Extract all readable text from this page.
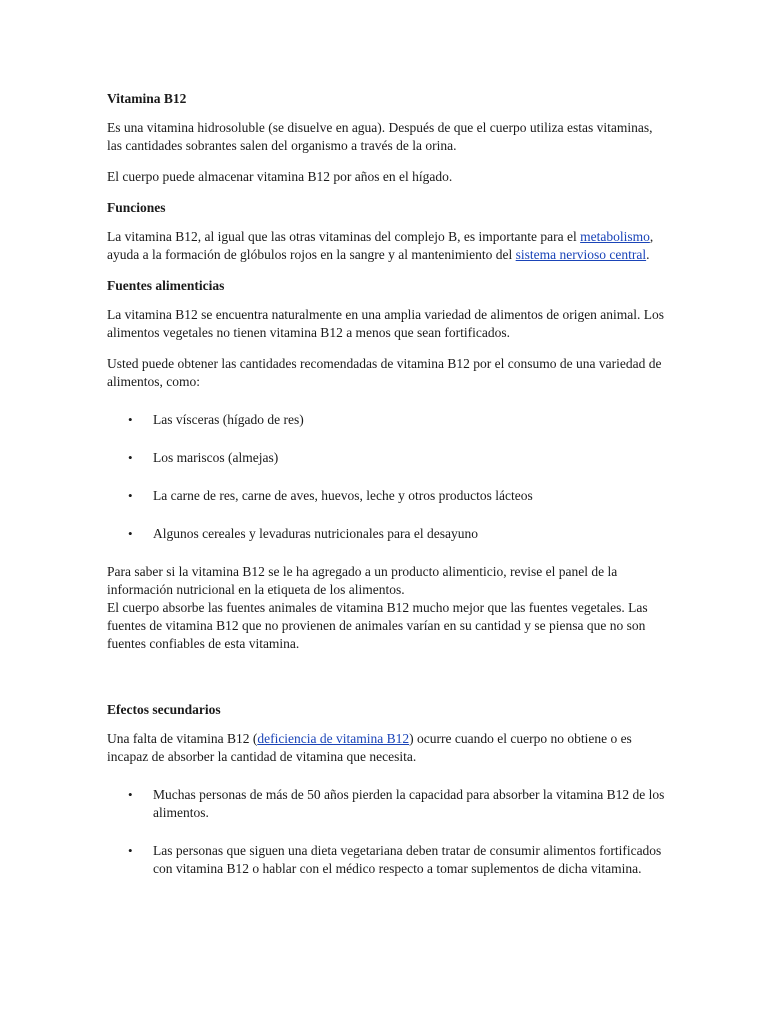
Vitamina B12

Es una vitamina hidrosoluble (se disuelve en agua). Después de que el cuerpo utiliza estas vitaminas, las cantidades sobrantes salen del organismo a través de la orina.

El cuerpo puede almacenar vitamina B12 por años en el hígado.

Funciones

La vitamina B12, al igual que las otras vitaminas del complejo B, es importante para el metabolismo, ayuda a la formación de glóbulos rojos en la sangre y al mantenimiento del sistema nervioso central.

Fuentes alimenticias

La vitamina B12 se encuentra naturalmente en una amplia variedad de alimentos de origen animal. Los alimentos vegetales no tienen vitamina B12 a menos que sean fortificados.

Usted puede obtener las cantidades recomendadas de vitamina B12 por el consumo de una variedad de alimentos, como:

• Las vísceras (hígado de res)
• Los mariscos (almejas)
• La carne de res, carne de aves, huevos, leche y otros productos lácteos
• Algunos cereales y levaduras nutricionales para el desayuno

Para saber si la vitamina B12 se le ha agregado a un producto alimenticio, revise el panel de la información nutricional en la etiqueta de los alimentos.

El cuerpo absorbe las fuentes animales de vitamina B12 mucho mejor que las fuentes vegetales. Las fuentes de vitamina B12 que no provienen de animales varían en su cantidad y se piensa que no son fuentes confiables de esta vitamina.

Efectos secundarios

Una falta de vitamina B12 (deficiencia de vitamina B12) ocurre cuando el cuerpo no obtiene o es incapaz de absorber la cantidad de vitamina que necesita.

• Muchas personas de más de 50 años pierden la capacidad para absorber la vitamina B12 de los alimentos.
• Las personas que siguen una dieta vegetariana deben tratar de consumir alimentos fortificados con vitamina B12 o hablar con el médico respecto a tomar suplementos de dicha vitamina.
